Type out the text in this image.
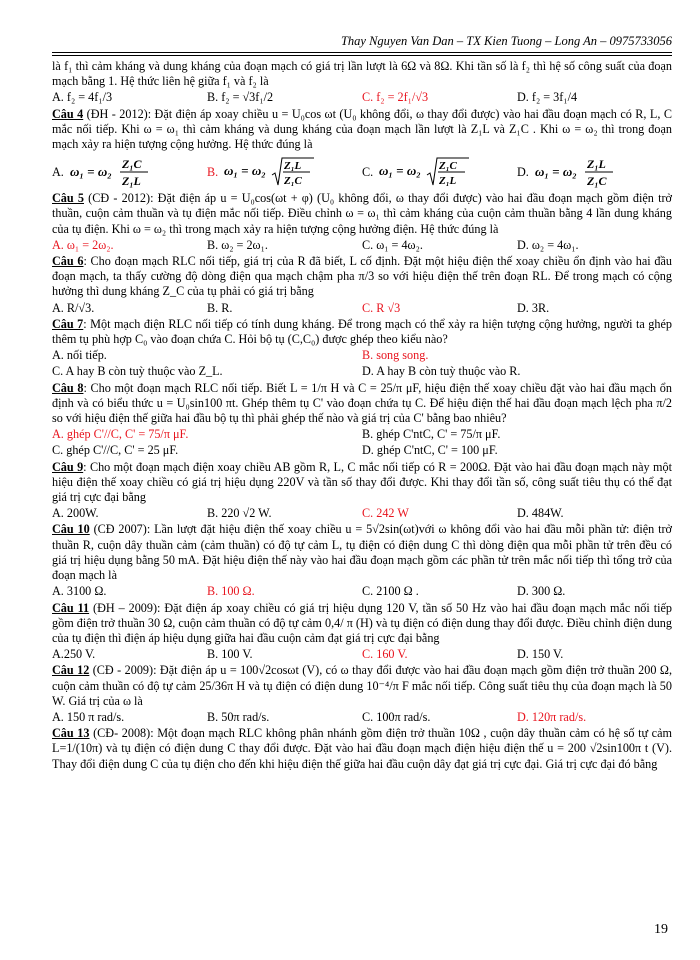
Thay Nguyen Van Dan – TX Kien Tuong – Long An – 0975733056

là f₁ thì cảm kháng và dung kháng của đoạn mạch có giá trị lần lượt là 6Ω và 8Ω. Khi tần số là f₂ thì hệ số công suất của đoạn mạch bằng 1. Hệ thức liên hệ giữa f₁ và f₂ là

A. f₂ = 4f₁/3	B. f₂ = √3f₁/2	C. f₂ = 2f₁/√3	D. f₂ = 3f₁/4

Câu 4 (ĐH - 2012): Đặt điện áp xoay chiều u = U₀cos ωt (U₀ không đổi, ω thay đổi được) vào hai đầu đoạn mạch có R, L, C mắc nối tiếp. Khi ω = ω₁ thì cảm kháng và dung kháng của đoạn mạch lần lượt là Z₁L và Z₁C . Khi ω = ω₂ thì trong đoạn mạch xảy ra hiện tượng cộng hưởng. Hệ thức đúng là

A. ω₁ = ω₂ Z₁C
Z₁L
B. ω₁ = ω₂ Z₁L
Z₁C
C. ω₁ = ω₂ Z₁C
Z₁L
D. ω₁ = ω₂ Z₁L
Z₁C

Câu 5 (CĐ - 2012): Đặt điện áp u = U₀cos(ωt + φ) (U₀ không đổi, ω thay đổi được) vào hai đầu đoạn mạch gồm điện trở thuần, cuộn cảm thuần và tụ điện mắc nối tiếp. Điều chỉnh ω = ω₁ thì cảm kháng của cuộn cảm thuần bằng 4 lần dung kháng của tụ điện. Khi ω = ω₂ thì trong mạch xảy ra hiện tượng cộng hưởng điện. Hệ thức đúng là

A. ω₁ = 2ω₂.	B. ω₂ = 2ω₁.	C. ω₁ = 4ω₂.	D. ω₂ = 4ω₁.

Câu 6: Cho đoạn mạch RLC nối tiếp, giá trị của R đã biết, L cố định. Đặt một hiệu điện thế xoay chiều ổn định vào hai đầu đoạn mạch, ta thấy cường độ dòng điện qua mạch chậm pha π/3 so với hiệu điện thế trên đoạn RL. Để trong mạch có cộng hưởng thì dung kháng Z_C của tụ phải có giá trị bằng

A. R/√3.	B. R.	C. R √3	D. 3R.

Câu 7: Một mạch điện RLC nối tiếp có tính dung kháng. Để trong mạch có thể xảy ra hiện tượng cộng hưởng, người ta ghép thêm tụ phù hợp C₀ vào đoạn chứa C. Hỏi bộ tụ (C,C₀) được ghép theo kiểu nào?

A. nối tiếp.	B. song song.
C. A hay B còn tuỳ thuộc vào Z_L.	D. A hay B còn tuỳ thuộc vào R.

Câu 8: Cho một đoạn mạch RLC nối tiếp. Biết L = 1/π H và C = 25/π μF, hiệu điện thế xoay chiều đặt vào hai đầu mạch ổn định và có biểu thức u = U₀sin100 πt. Ghép thêm tụ C' vào đoạn chứa tụ C. Để hiệu điện thế hai đầu đoạn mạch lệch pha π/2 so với hiệu điện thế giữa hai đầu bộ tụ thì phải ghép thế nào và giá trị của C' bằng bao nhiêu?

A. ghép C'//C, C' = 75/π μF.	B. ghép C'ntC, C' = 75/π μF.
C. ghép C'//C, C' = 25 μF.	D. ghép C'ntC, C' = 100 μF.

Câu 9: Cho một đoạn mạch điện xoay chiều AB gồm R, L, C mắc nối tiếp có R = 200Ω. Đặt vào hai đầu đoạn mạch này một hiệu điện thế xoay chiều có giá trị hiệu dụng 220V và tần số thay đổi được. Khi thay đổi tần số, công suất tiêu thụ có thể đạt giá trị cực đại bằng

A. 200W.	B. 220 √2 W.	C. 242 W	D. 484W.

Câu 10 (CĐ 2007): Lần lượt đặt hiệu điện thế xoay chiều u = 5√2sin(ωt)với ω không đổi vào hai đầu mỗi phần tử: điện trở thuần R, cuộn dây thuần cảm (cảm thuần) có độ tự cảm L, tụ điện có điện dung C thì dòng điện qua mỗi phần tử trên đều có giá trị hiệu dụng bằng 50 mA. Đặt hiệu điện thế này vào hai đầu đoạn mạch gồm các phần tử trên mắc nối tiếp thì tổng trở của đoạn mạch là

A. 3100 Ω.	B. 100 Ω.	C. 2100 Ω .	D. 300 Ω.

Câu 11 (ĐH – 2009): Đặt điện áp xoay chiều có giá trị hiệu dụng 120 V, tần số 50 Hz vào hai đầu đoạn mạch mắc nối tiếp gồm điện trở thuần 30 Ω, cuộn cảm thuần có độ tự cảm 0,4/ π (H) và tụ điện có điện dung thay đổi được. Điều chỉnh điện dung của tụ điện thì điện áp hiệu dụng giữa hai đầu cuộn cảm đạt giá trị cực đại bằng

A.250 V.	B. 100 V.	C. 160 V.	D. 150 V.

Câu 12 (CĐ - 2009): Đặt điện áp u = 100√2cosωt (V), có ω thay đổi được vào hai đầu đoạn mạch gồm điện trở thuần 200 Ω, cuộn cảm thuần có độ tự cảm 25/36π H và tụ điện có điện dung 10⁻⁴/π F mắc nối tiếp. Công suất tiêu thụ của đoạn mạch là 50 W. Giá trị của ω là

A. 150 π rad/s.	B. 50π rad/s.	C. 100π rad/s.	D. 120π rad/s.

Câu 13 (CĐ- 2008): Một đoạn mạch RLC không phân nhánh gồm điện trở thuần 10Ω , cuộn dây thuần cảm có hệ số tự cảm L=1/(10π) và tụ điện có điện dung C thay đổi được. Đặt vào hai đầu đoạn mạch điện hiệu điện thế u = 200 √2sin100π t (V). Thay đổi điện dung C của tụ điện cho đến khi hiệu điện thế giữa hai đầu cuộn dây đạt giá trị cực đại. Giá trị cực đại đó bằng

19
